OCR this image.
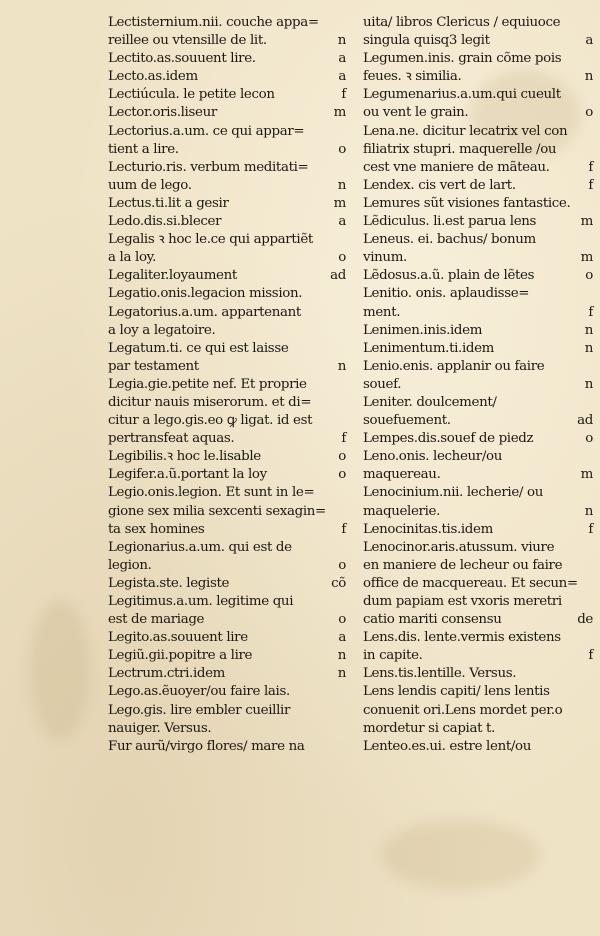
Lectisternium.nii. couche appa=
reillee ou vtensille de lit.	n
Lectito.as.souuent lire.	a
Lecto.as.idem	a
Lectiúcula. le petite lecon	f
Lector.oris.liseur	m
Lectorius.a.um. ce qui appar=
tient a lire.	o
Lecturio.ris. verbum meditati=
uum de lego.	n
Lectus.ti.lit a gesir	m
Ledo.dis.si.blecer	a
Legalis ꝛ hoc le.ce qui appartiẽt
a la loy.	o
Legaliter.loyaument	ad
Legatio.onis.legacion mission.
Legatorius.a.um. appartenant
a loy a legatoire.
Legatum.ti. ce qui est laisse
par testament	n
Legia.gie.petite nef. Et proprie
dicitur nauis miserorum. et di=
citur a lego.gis.eo ꝙ ligat. id est
pertransfeat aquas.	f
Legibilis.ꝛ hoc le.lisable	o
Legifer.a.ũ.portant la loy	o
Legio.onis.legion. Et sunt in le=
gione sex milia sexcenti sexagin=
ta sex homines	f
Legionarius.a.um. qui est de
legion.	o
Legista.ste. legiste	cõ
Legitimus.a.um. legitime qui
est de mariage	o
Legito.as.souuent lire	a
Legiũ.gii.popitre a lire	n
Lectrum.ctri.idem	n
Lego.as.ẽuoyer/ou faire lais.
Lego.gis. lire embler cueillir
nauiger. Versus.
Fur aurũ/virgo flores/ mare na
uita/ libros Clericus / equiuoce
singula quisq3 legit	a
Legumen.inis. grain cõme pois
feues. ꝛ similia.	n
Legumenarius.a.um.qui cueult
ou vent le grain.	o
Lena.ne. dicitur lecatrix vel con
filiatrix stupri. maquerelle /ou
cest vne maniere de mãteau.	f
Lendex. cis vert de lart.	f
Lemures sũt visiones fantastice.
Lẽdiculus. li.est parua lens	m
Leneus. ei. bachus/ bonum
vinum.	m
Lẽdosus.a.ũ. plain de lẽtes	o
Lenitio. onis. aplaudisse=
ment.	f
Lenimen.inis.idem	n
Lenimentum.ti.idem	n
Lenio.enis. applanir ou faire
souef.	n
Leniter. doulcement/
souefuement.	ad
Lempes.dis.souef de piedz	o
Leno.onis. lecheur/ou
maquereau.	m
Lenocinium.nii. lecherie/ ou
maquelerie.	n
Lenocinitas.tis.idem	f
Lenocinor.aris.atussum. viure
en maniere de lecheur ou faire
office de macquereau. Et secun=
dum papiam est vxoris meretri
catio mariti consensu	de
Lens.dis. lente.vermis existens
in capite.	f
Lens.tis.lentille. Versus.
Lens lendis capiti/ lens lentis
conuenit ori.Lens mordet per.o
mordetur si capiat t.
Lenteo.es.ui. estre lent/ou
